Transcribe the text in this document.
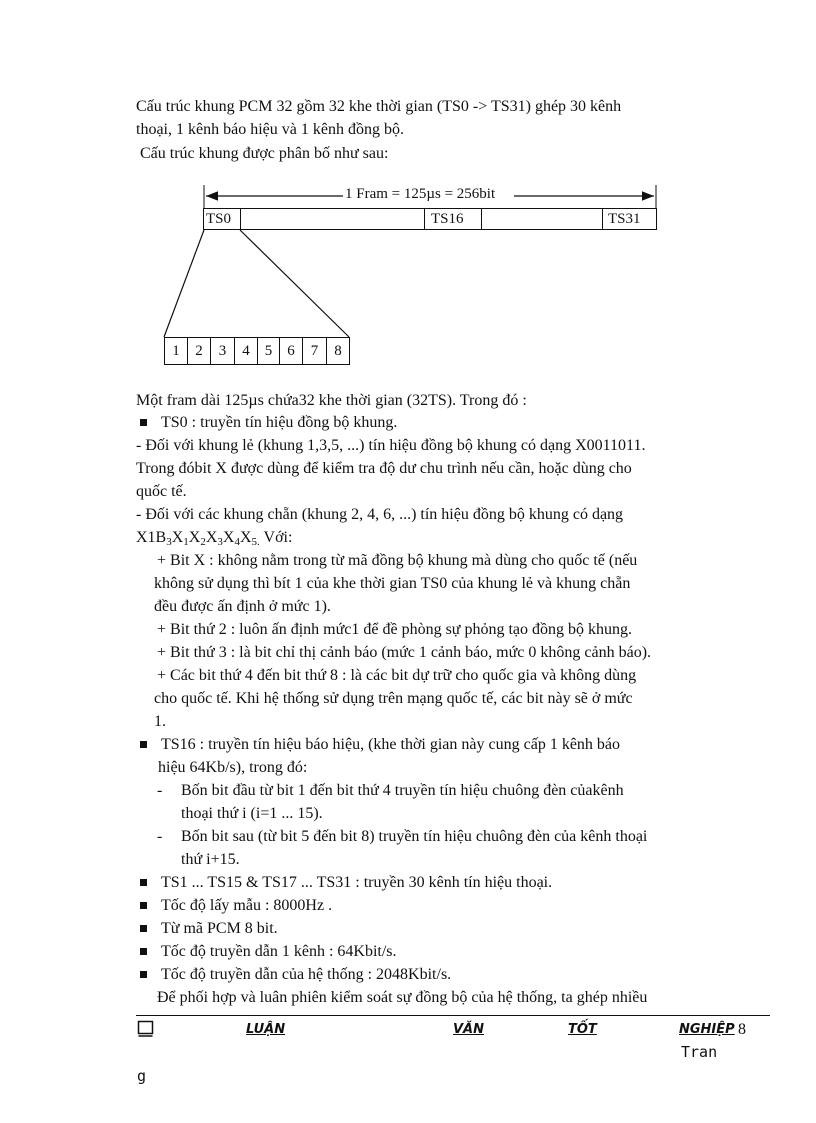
Cấu trúc khung PCM 32 gồm 32 khe thời gian (TS0 -> TS31) ghép 30 kênh
thoại, 1 kênh báo hiệu và 1 kênh đồng bộ.
Cấu trúc khung được phân bố như sau:
1 Fram = 125µs = 256bit
TS0	TS16	TS31
1	2	3	4	5	6	7	8
Một fram dài 125µs chứa32 khe thời gian (32TS). Trong đó :
TS0 : truyền tín hiệu đồng bộ khung.
- Đối với khung lẻ (khung 1,3,5, ...) tín hiệu đồng bộ khung có dạng X0011011.
Trong đóbit X được dùng để kiểm tra độ dư chu trình nếu cần, hoặc dùng cho
quốc tế.
- Đối với các khung chẵn (khung 2, 4, 6, ...) tín hiệu đồng bộ khung có dạng
$X1B_3X_1X_2X_3X_4X_{5.}$ Với:
+ Bit X : không nằm trong từ mã đồng bộ khung mà dùng cho quốc tế (nếu
không sử dụng thì bít 1 của khe thời gian TS0 của khung lẻ và khung chẵn
đều được ấn định ở mức 1).
+ Bit thứ 2 : luôn ấn định mức1 để đề phòng sự phỏng tạo đồng bộ khung.
+ Bit thứ 3 : là bit chỉ thị cảnh báo (mức 1 cảnh báo, mức 0 không cảnh báo).
+ Các bit thứ 4 đến bit thứ 8 : là các bit dự trữ cho quốc gia và không dùng
cho quốc tế. Khi hệ thống sử dụng trên mạng quốc tế, các bit này sẽ ở mức
1.
TS16 : truyền tín hiệu báo hiệu, (khe thời gian này cung cấp 1 kênh báo
hiệu 64Kb/s), trong đó:
- Bốn bit đầu từ bit 1 đến bit thứ 4 truyền tín hiệu chuông đèn củakênh
thoại thứ i (i=1 ... 15).
- Bốn bit sau (từ bit 5 đến bit 8) truyền tín hiệu chuông đèn của kênh thoại
thứ i+15.
TS1 ... TS15 & TS17 ... TS31 : truyền 30 kênh tín hiệu thoại.
Tốc độ lấy mẫu : 8000Hz .
Từ mã PCM 8 bit.
Tốc độ truyền dẫn 1 kênh : 64Kbit/s.
Tốc độ truyền dẫn của hệ thống : 2048Kbit/s.
Để phối hợp và luân phiên kiểm soát sự đồng bộ của hệ thống, ta ghép nhiều
LUẬN	VĂN	TỐT	NGHIỆP 8
Tran
g
